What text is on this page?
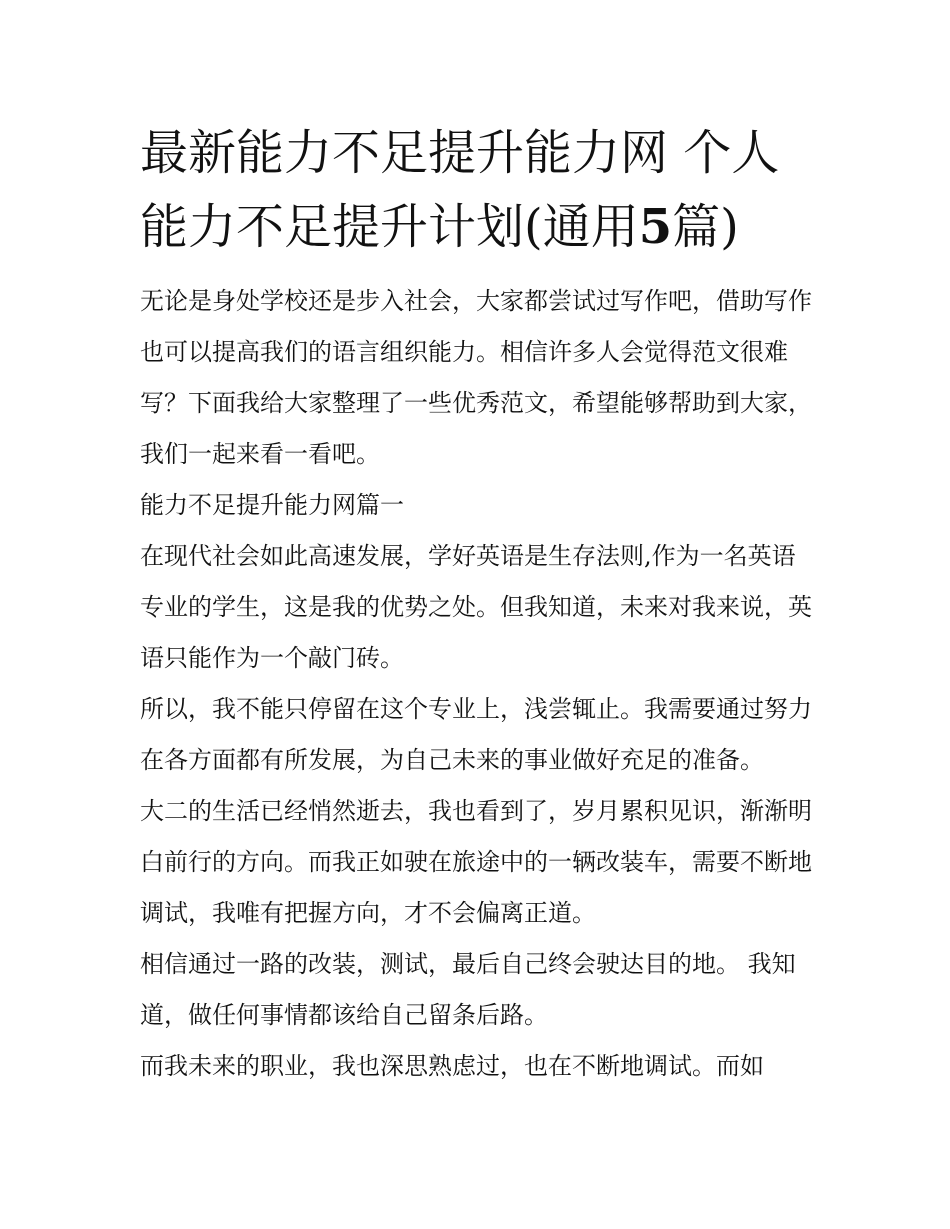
最新能力不足提升能力网 个人
能力不足提升计划(通用5篇)

无论是身处学校还是步入社会，大家都尝试过写作吧，借助写作也可以提高我们的语言组织能力。相信许多人会觉得范文很难写？下面我给大家整理了一些优秀范文，希望能够帮助到大家，我们一起来看一看吧。

能力不足提升能力网篇一

在现代社会如此高速发展，学好英语是生存法则,作为一名英语专业的学生，这是我的优势之处。但我知道，未来对我来说，英语只能作为一个敲门砖。

所以，我不能只停留在这个专业上，浅尝辄止。我需要通过努力在各方面都有所发展，为自己未来的事业做好充足的准备。

大二的生活已经悄然逝去，我也看到了，岁月累积见识，渐渐明白前行的方向。而我正如驶在旅途中的一辆改装车，需要不断地调试，我唯有把握方向，才不会偏离正道。

相信通过一路的改装，测试，最后自己终会驶达目的地。 我知道，做任何事情都该给自己留条后路。

而我未来的职业，我也深思熟虑过，也在不断地调试。而如
